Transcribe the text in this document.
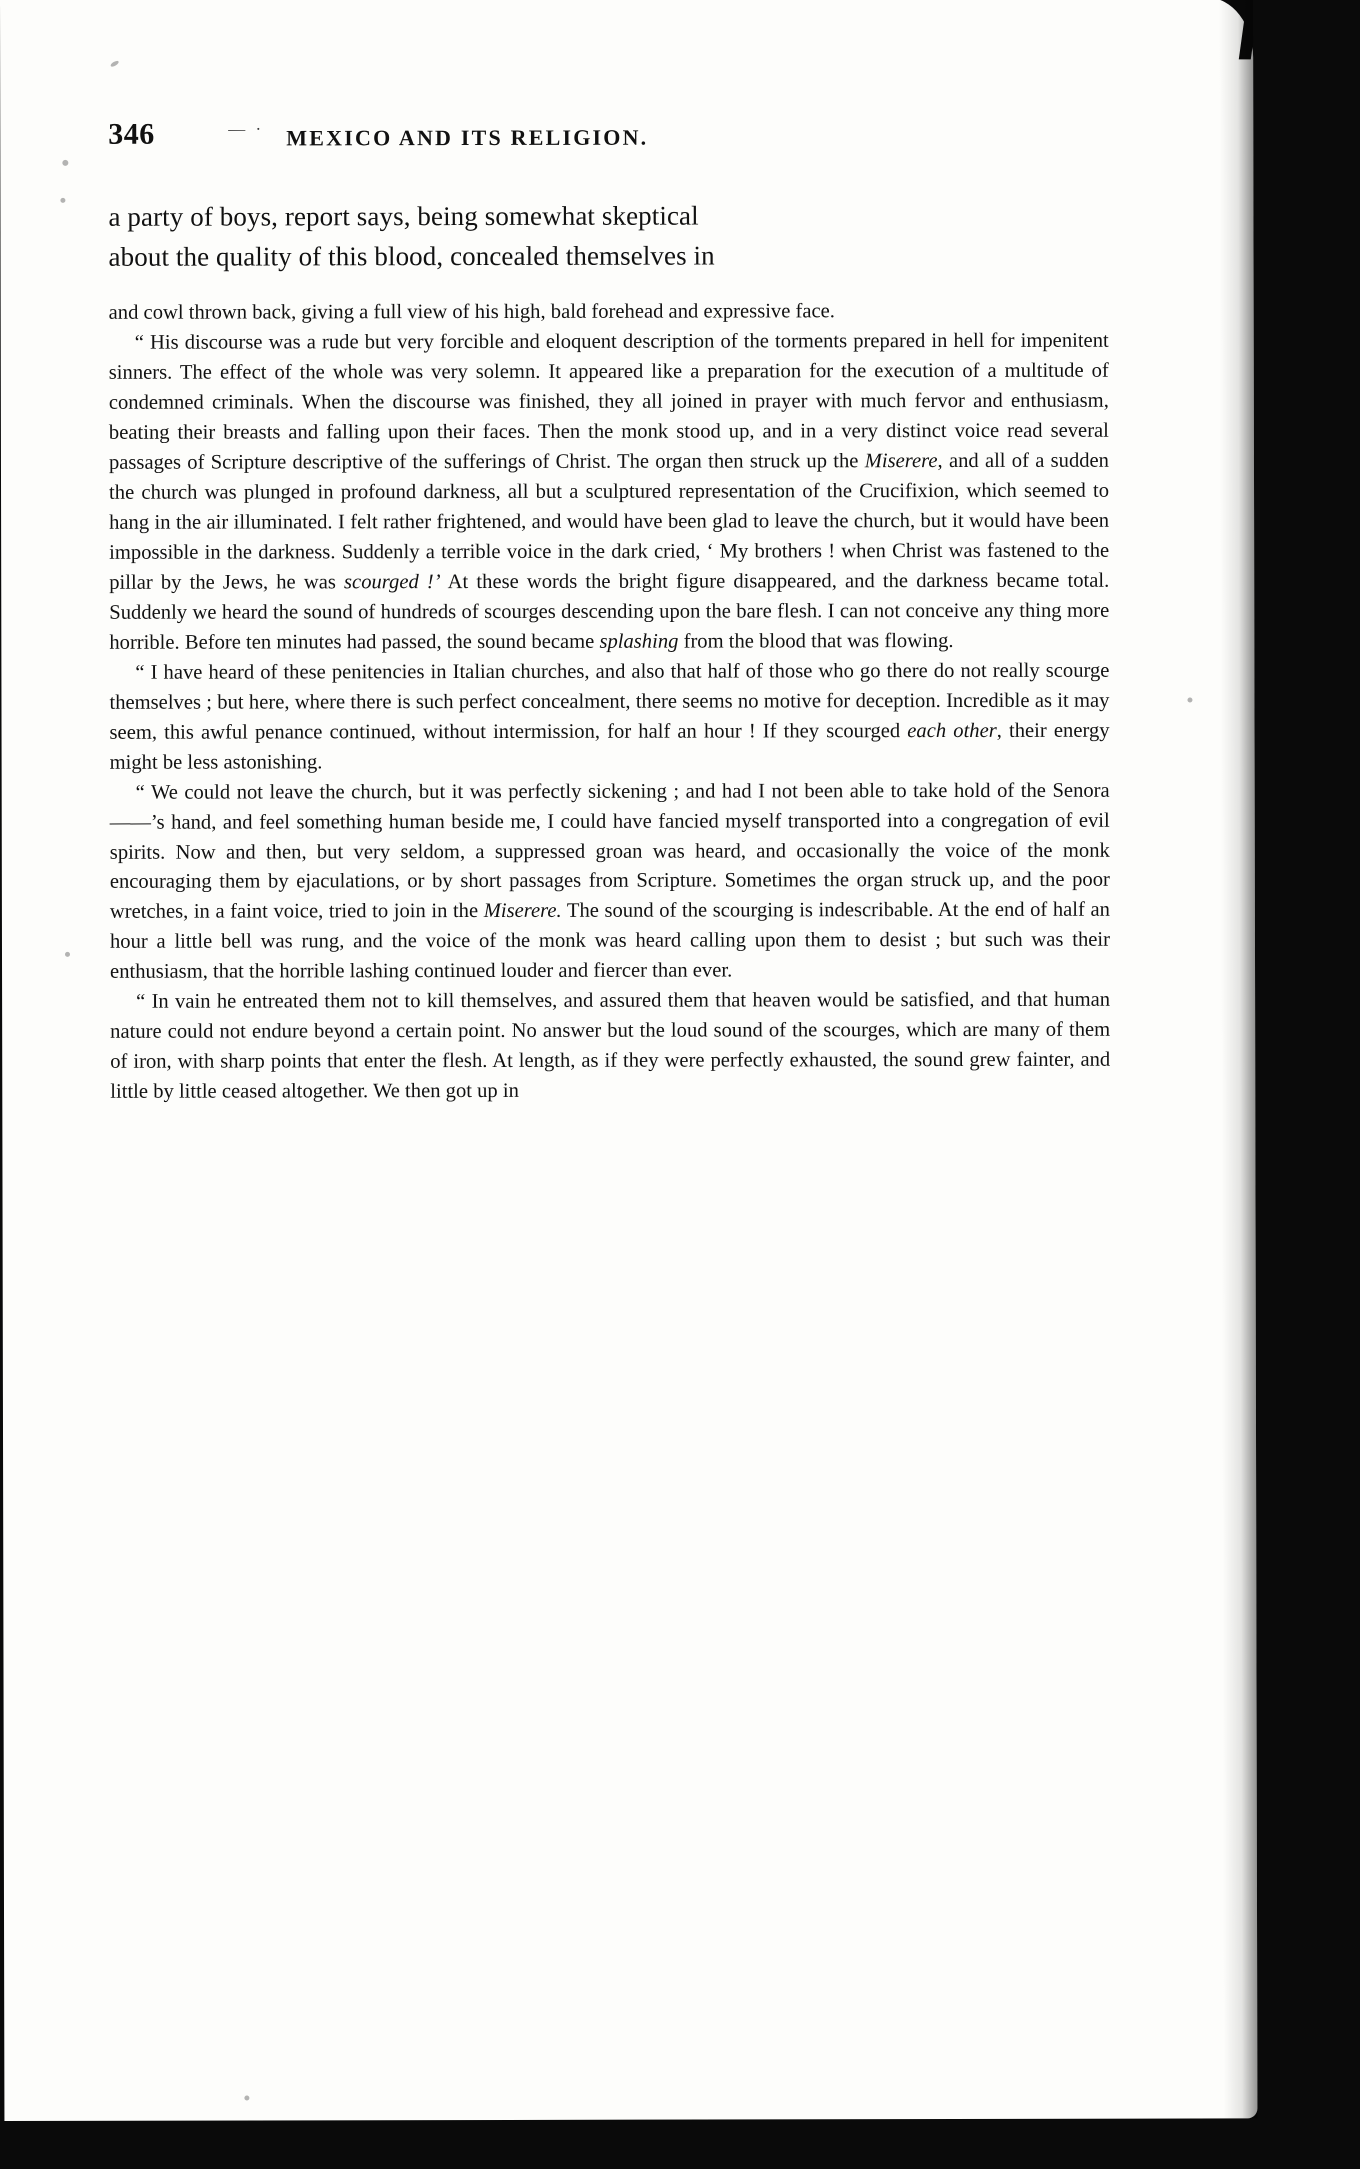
346	— · MEXICO AND ITS RELIGION.
a party of boys, report says, being somewhat skeptical
about the quality of this blood, concealed themselves in

and cowl thrown back, giving a full view of his high, bald forehead and expressive face.

“ His discourse was a rude but very forcible and eloquent description of the torments prepared in hell for impenitent sinners. The effect of the whole was very solemn. It appeared like a preparation for the execution of a multitude of condemned criminals. When the discourse was finished, they all joined in prayer with much fervor and enthusiasm, beating their breasts and falling upon their faces. Then the monk stood up, and in a very distinct voice read several passages of Scripture descriptive of the sufferings of Christ. The organ then struck up the Miserere, and all of a sudden the church was plunged in profound darkness, all but a sculptured representation of the Crucifixion, which seemed to hang in the air illuminated. I felt rather frightened, and would have been glad to leave the church, but it would have been impossible in the darkness. Suddenly a terrible voice in the dark cried, ‘ My brothers ! when Christ was fastened to the pillar by the Jews, he was scourged !’ At these words the bright figure disappeared, and the darkness became total. Suddenly we heard the sound of hundreds of scourges descending upon the bare flesh. I can not conceive any thing more horrible. Before ten minutes had passed, the sound became splashing from the blood that was flowing.

“ I have heard of these penitencies in Italian churches, and also that half of those who go there do not really scourge themselves ; but here, where there is such perfect concealment, there seems no motive for deception. Incredible as it may seem, this awful penance continued, without intermission, for half an hour ! If they scourged each other, their energy might be less astonishing.

“ We could not leave the church, but it was perfectly sickening ; and had I not been able to take hold of the Senora ——’s hand, and feel something human beside me, I could have fancied myself transported into a congregation of evil spirits. Now and then, but very seldom, a suppressed groan was heard, and occasionally the voice of the monk encouraging them by ejaculations, or by short passages from Scripture. Sometimes the organ struck up, and the poor wretches, in a faint voice, tried to join in the Miserere. The sound of the scourging is indescribable. At the end of half an hour a little bell was rung, and the voice of the monk was heard calling upon them to desist ; but such was their enthusiasm, that the horrible lashing continued louder and fiercer than ever.

“ In vain he entreated them not to kill themselves, and assured them that heaven would be satisfied, and that human nature could not endure beyond a certain point. No answer but the loud sound of the scourges, which are many of them of iron, with sharp points that enter the flesh. At length, as if they were perfectly exhausted, the sound grew fainter, and little by little ceased altogether. We then got up in
